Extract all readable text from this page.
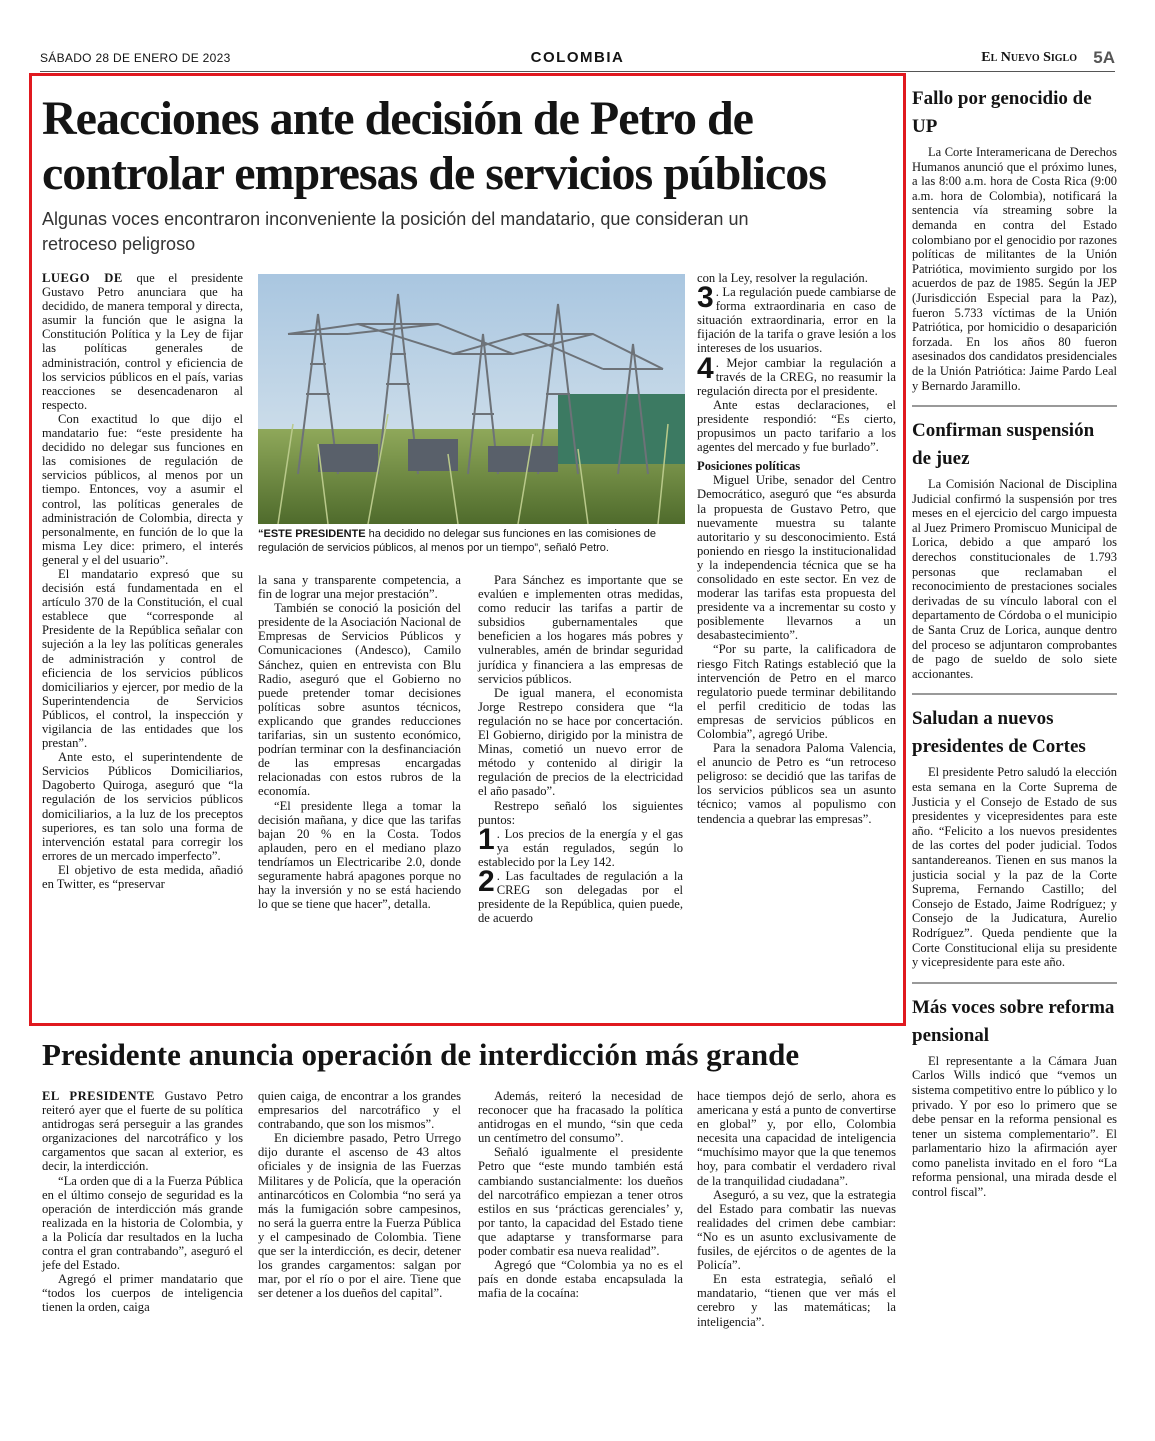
SÁBADO 28 DE ENERO DE 2023	COLOMBIA	El Nuevo Siglo 5A
Reacciones ante decisión de Petro de controlar empresas de servicios públicos
Algunas voces encontraron inconveniente la posición del mandatario, que consideran un retroceso peligroso

LUEGO DE que el presidente Gustavo Petro anunciara que ha decidido, de manera temporal y directa, asumir la función que le asigna la Constitución Política y la Ley de fijar las políticas generales de administración, control y eficiencia de los servicios públicos en el país, varias reacciones se desencadenaron al respecto.

Con exactitud lo que dijo el mandatario fue: “este presidente ha decidido no delegar sus funciones en las comisiones de regulación de servicios públicos, al menos por un tiempo. Entonces, voy a asumir el control, las políticas generales de administración de Colombia, directa y personalmente, en función de lo que la misma Ley dice: primero, el interés general y el del usuario”.

El mandatario expresó que su decisión está fundamentada en el artículo 370 de la Constitución, el cual establece que “corresponde al Presidente de la República señalar con sujeción a la ley las políticas generales de administración y control de eficiencia de los servicios públicos domiciliarios y ejercer, por medio de la Superintendencia de Servicios Públicos, el control, la inspección y vigilancia de las entidades que los prestan”.

Ante esto, el superintendente de Servicios Públicos Domiciliarios, Dagoberto Quiroga, aseguró que “la regulación de los servicios públicos domiciliarios, a la luz de los preceptos superiores, es tan solo una forma de intervención estatal para corregir los errores de un mercado imperfecto”.

El objetivo de esta medida, añadió en Twitter, es “preservar

“ESTE PRESIDENTE ha decidido no delegar sus funciones en las comisiones de regulación de servicios públicos, al menos por un tiempo”, señaló Petro.

la sana y transparente competencia, a fin de lograr una mejor prestación”.

También se conoció la posición del presidente de la Asociación Nacional de Empresas de Servicios Públicos y Comunicaciones (Andesco), Camilo Sánchez, quien en entrevista con Blu Radio, aseguró que el Gobierno no puede pretender tomar decisiones políticas sobre asuntos técnicos, explicando que grandes reducciones tarifarias, sin un sustento económico, podrían terminar con la desfinanciación de las empresas encargadas relacionadas con estos rubros de la economía.

“El presidente llega a tomar la decisión mañana, y dice que las tarifas bajan 20 % en la Costa. Todos aplauden, pero en el mediano plazo tendríamos un Electricaribe 2.0, donde seguramente habrá apagones porque no hay la inversión y no se está haciendo lo que se tiene que hacer”, detalla.

Para Sánchez es importante que se evalúen e implementen otras medidas, como reducir las tarifas a partir de subsidios gubernamentales que beneficien a los hogares más pobres y vulnerables, amén de brindar seguridad jurídica y financiera a las empresas de servicios públicos.

De igual manera, el economista Jorge Restrepo considera que “la regulación no se hace por concertación. El Gobierno, dirigido por la ministra de Minas, cometió un nuevo error de método y contenido al dirigir la regulación de precios de la electricidad el año pasado”.

Restrepo señaló los siguientes puntos:

1 . Los precios de la energía y el gas ya están regulados, según lo establecido por la Ley 142.

2 . Las facultades de regulación a la CREG son delegadas por el presidente de la República, quien puede, de acuerdo

con la Ley, resolver la regulación.

3 . La regulación puede cambiarse de forma extraordinaria en caso de situación extraordinaria, error en la fijación de la tarifa o grave lesión a los intereses de los usuarios.

4 . Mejor cambiar la regulación a través de la CREG, no reasumir la regulación directa por el presidente.

Ante estas declaraciones, el presidente respondió: “Es cierto, propusimos un pacto tarifario a los agentes del mercado y fue burlado”.

Posiciones políticas

Miguel Uribe, senador del Centro Democrático, aseguró que “es absurda la propuesta de Gustavo Petro, que nuevamente muestra su talante autoritario y su desconocimiento. Está poniendo en riesgo la institucionalidad y la independencia técnica que se ha consolidado en este sector. En vez de moderar las tarifas esta propuesta del presidente va a incrementar su costo y posiblemente llevarnos a un desabastecimiento”.

“Por su parte, la calificadora de riesgo Fitch Ratings estableció que la intervención de Petro en el marco regulatorio puede terminar debilitando el perfil crediticio de todas las empresas de servicios públicos en Colombia”, agregó Uribe.

Para la senadora Paloma Valencia, el anuncio de Petro es “un retroceso peligroso: se decidió que las tarifas de los servicios públicos sea un asunto técnico; vamos al populismo con tendencia a quebrar las empresas”.

Presidente anuncia operación de interdicción más grande

EL PRESIDENTE Gustavo Petro reiteró ayer que el fuerte de su política antidrogas será perseguir a las grandes organizaciones del narcotráfico y los cargamentos que sacan al exterior, es decir, la interdicción.

“La orden que di a la Fuerza Pública en el último consejo de seguridad es la operación de interdicción más grande realizada en la historia de Colombia, y a la Policía dar resultados en la lucha contra el gran contrabando”, aseguró el jefe del Estado.

Agregó el primer mandatario que “todos los cuerpos de inteligencia tienen la orden, caiga

quien caiga, de encontrar a los grandes empresarios del narcotráfico y el contrabando, que son los mismos”.

En diciembre pasado, Petro Urrego dijo durante el ascenso de 43 altos oficiales y de insignia de las Fuerzas Militares y de Policía, que la operación antinarcóticos en Colombia “no será ya más la fumigación sobre campesinos, no será la guerra entre la Fuerza Pública y el campesinado de Colombia. Tiene que ser la interdicción, es decir, detener los grandes cargamentos: salgan por mar, por el río o por el aire. Tiene que ser detener a los dueños del capital”.

Además, reiteró la necesidad de reconocer que ha fracasado la política antidrogas en el mundo, “sin que ceda un centímetro del consumo”.

Señaló igualmente el presidente Petro que “este mundo también está cambiando sustancialmente: los dueños del narcotráfico empiezan a tener otros estilos en sus ‘prácticas gerenciales’ y, por tanto, la capacidad del Estado tiene que adaptarse y transformarse para poder combatir esa nueva realidad”.

Agregó que “Colombia ya no es el país en donde estaba encapsulada la mafia de la cocaína:

hace tiempos dejó de serlo, ahora es americana y está a punto de convertirse en global” y, por ello, Colombia necesita una capacidad de inteligencia “muchísimo mayor que la que tenemos hoy, para combatir el verdadero rival de la tranquilidad ciudadana”.

Aseguró, a su vez, que la estrategia del Estado para combatir las nuevas realidades del crimen debe cambiar: “No es un asunto exclusivamente de fusiles, de ejércitos o de agentes de la Policía”.

En esta estrategia, señaló el mandatario, “tienen que ver más el cerebro y las matemáticas; la inteligencia”.

Fallo por genocidio de UP

La Corte Interamericana de Derechos Humanos anunció que el próximo lunes, a las 8:00 a.m. hora de Costa Rica (9:00 a.m. hora de Colombia), notificará la sentencia vía streaming sobre la demanda en contra del Estado colombiano por el genocidio por razones políticas de militantes de la Unión Patriótica, movimiento surgido por los acuerdos de paz de 1985. Según la JEP (Jurisdicción Especial para la Paz), fueron 5.733 víctimas de la Unión Patriótica, por homicidio o desaparición forzada. En los años 80 fueron asesinados dos candidatos presidenciales de la Unión Patriótica: Jaime Pardo Leal y Bernardo Jaramillo.

Confirman suspensión de juez

La Comisión Nacional de Disciplina Judicial confirmó la suspensión por tres meses en el ejercicio del cargo impuesta al Juez Primero Promiscuo Municipal de Lorica, debido a que amparó los derechos constitucionales de 1.793 personas que reclamaban el reconocimiento de prestaciones sociales derivadas de su vínculo laboral con el departamento de Córdoba o el municipio de Santa Cruz de Lorica, aunque dentro del proceso se adjuntaron comprobantes de pago de sueldo de solo siete accionantes.

Saludan a nuevos presidentes de Cortes

El presidente Petro saludó la elección esta semana en la Corte Suprema de Justicia y el Consejo de Estado de sus presidentes y vicepresidentes para este año. “Felicito a los nuevos presidentes de las cortes del poder judicial. Todos santandereanos. Tienen en sus manos la justicia social y la paz de la Corte Suprema, Fernando Castillo; del Consejo de Estado, Jaime Rodríguez; y Consejo de la Judicatura, Aurelio Rodríguez”. Queda pendiente que la Corte Constitucional elija su presidente y vicepresidente para este año.

Más voces sobre reforma pensional

El representante a la Cámara Juan Carlos Wills indicó que “vemos un sistema competitivo entre lo público y lo privado. Y por eso lo primero que se debe pensar en la reforma pensional es tener un sistema complementario”. El parlamentario hizo la afirmación ayer como panelista invitado en el foro “La reforma pensional, una mirada desde el control fiscal”.
